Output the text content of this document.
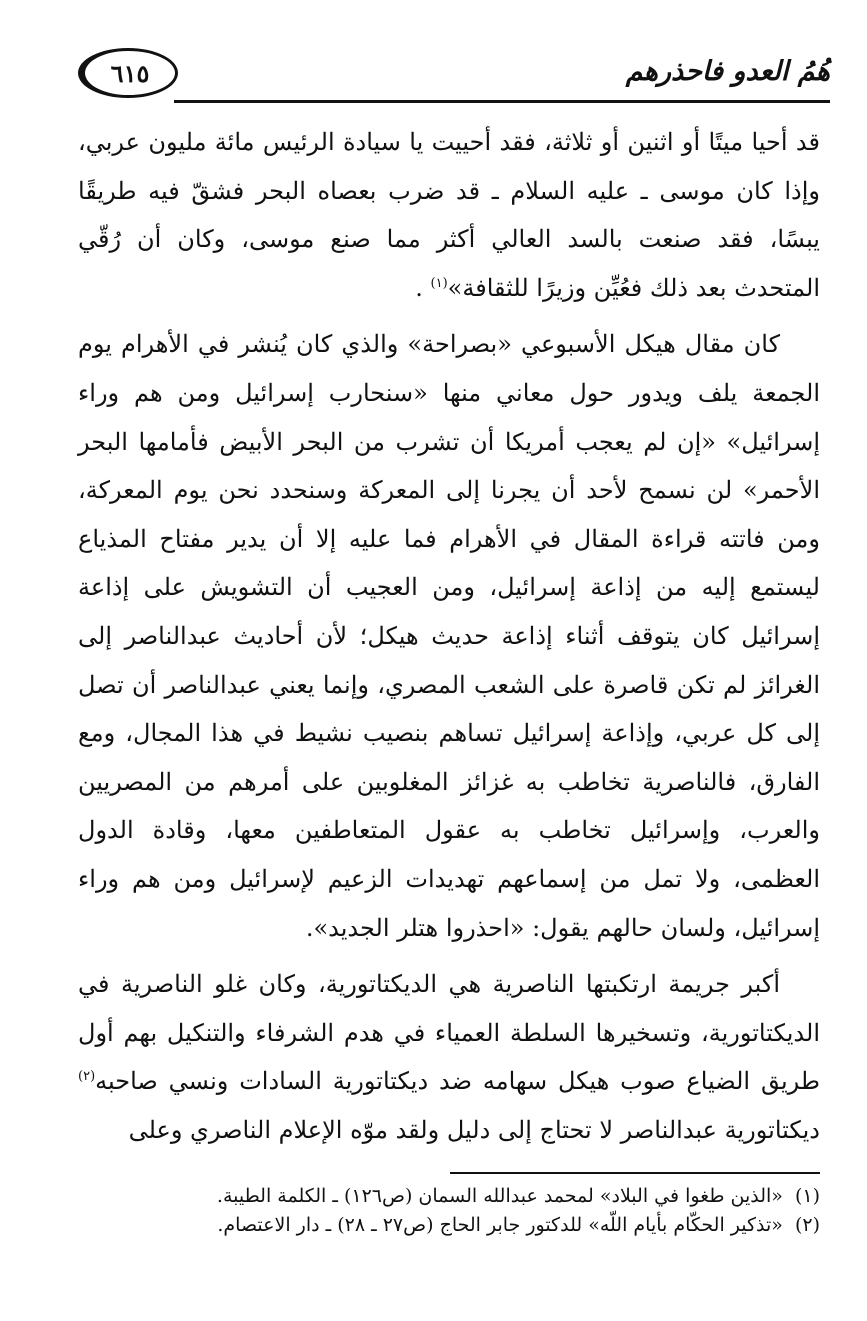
٦١٥	هُمُ العدو فاحذرهم

قد أحيا ميتًا أو اثنين أو ثلاثة، فقد أحييت يا سيادة الرئيس مائة مليون عربي، وإذا كان موسى ـ عليه السلام ـ قد ضرب بعصاه البحر فشقّ فيه طريقًا يبسًا، فقد صنعت بالسد العالي أكثر مما صنع موسى، وكان أن رُقّي المتحدث بعد ذلك فعُيِّن وزيرًا للثقافة»$^{(١)}$ .

كان مقال هيكل الأسبوعي «بصراحة» والذي كان يُنشر في الأهرام يوم الجمعة يلف ويدور حول معاني منها «سنحارب إسرائيل ومن هم وراء إسرائيل» «إن لم يعجب أمريكا أن تشرب من البحر الأبيض فأمامها البحر الأحمر» لن نسمح لأحد أن يجرنا إلى المعركة وسنحدد نحن يوم المعركة، ومن فاتته قراءة المقال في الأهرام فما عليه إلا أن يدير مفتاح المذياع ليستمع إليه من إذاعة إسرائيل، ومن العجيب أن التشويش على إذاعة إسرائيل كان يتوقف أثناء إذاعة حديث هيكل؛ لأن أحاديث عبدالناصر إلى الغرائز لم تكن قاصرة على الشعب المصري، وإنما يعني عبدالناصر أن تصل إلى كل عربي، وإذاعة إسرائيل تساهم بنصيب نشيط في هذا المجال، ومع الفارق، فالناصرية تخاطب به غزائز المغلوبين على أمرهم من المصريين والعرب، وإسرائيل تخاطب به عقول المتعاطفين معها، وقادة الدول العظمى، ولا تمل من إسماعهم تهديدات الزعيم لإسرائيل ومن هم وراء إسرائيل، ولسان حالهم يقول: «احذروا هتلر الجديد».

أكبر جريمة ارتكبتها الناصرية هي الديكتاتورية، وكان غلو الناصرية في الديكتاتورية، وتسخيرها السلطة العمياء في هدم الشرفاء والتنكيل بهم أول طريق الضياع صوب هيكل سهامه ضد ديكتاتورية السادات ونسي صاحبه$^{(٢)}$ ديكتاتورية عبدالناصر لا تحتاج إلى دليل ولقد موّه الإعلام الناصري وعلى

(١)«الذين طغوا في البلاد» لمحمد عبدالله السمان (ص١٢٦) ـ الكلمة الطيبة.

(٢)«تذكير الحكّام بأيام اللّه» للدكتور جابر الحاج (ص٢٧ ـ ٢٨) ـ دار الاعتصام.
